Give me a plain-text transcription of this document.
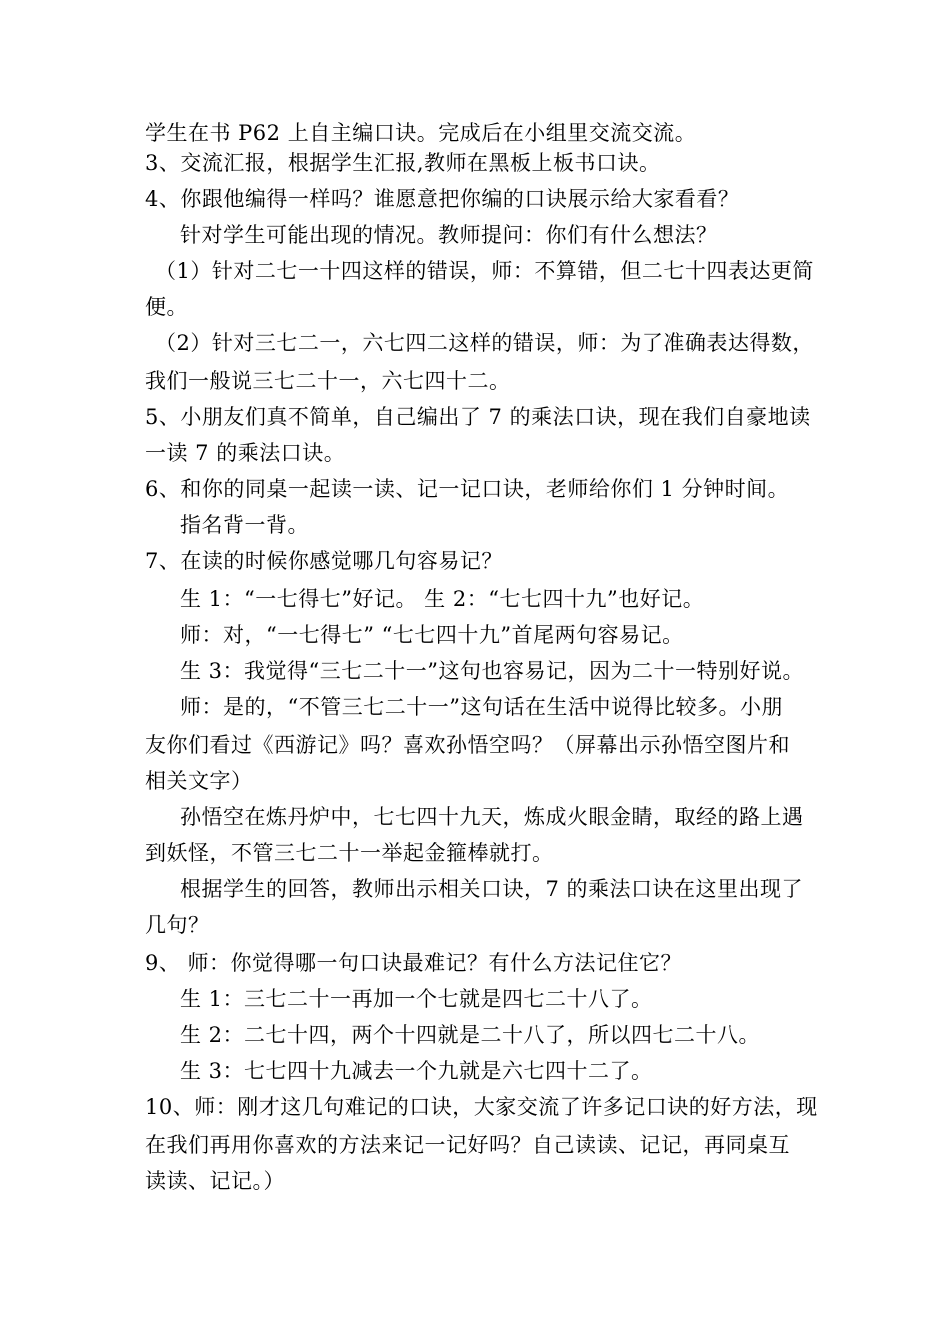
学生在书 P62 上自主编口诀。完成后在小组里交流交流。
3、交流汇报，根据学生汇报,教师在黑板上板书口诀。
4、你跟他编得一样吗？谁愿意把你编的口诀展示给大家看看？
针对学生可能出现的情况。教师提问：你们有什么想法？
（1）针对二七一十四这样的错误，师：不算错，但二七十四表达更简
便。
（2）针对三七二一，六七四二这样的错误，师：为了准确表达得数，
我们一般说三七二十一，六七四十二。
5、小朋友们真不简单，自己编出了 7 的乘法口诀，现在我们自豪地读
一读 7 的乘法口诀。
6、和你的同桌一起读一读、记一记口诀，老师给你们 1 分钟时间。
指名背一背。
7、在读的时候你感觉哪几句容易记？
生 1：“一七得七”好记。 生 2：“七七四十九”也好记。
师：对，“一七得七” “七七四十九”首尾两句容易记。
生 3：我觉得“三七二十一”这句也容易记，因为二十一特别好说。
师：是的，“不管三七二十一”这句话在生活中说得比较多。小朋
友你们看过《西游记》吗？喜欢孙悟空吗？（屏幕出示孙悟空图片和
相关文字）
孙悟空在炼丹炉中，七七四十九天，炼成火眼金睛，取经的路上遇
到妖怪，不管三七二十一举起金箍棒就打。
根据学生的回答，教师出示相关口诀，7 的乘法口诀在这里出现了
几句？
9、 师：你觉得哪一句口诀最难记？有什么方法记住它？
生 1：三七二十一再加一个七就是四七二十八了。
生 2：二七十四，两个十四就是二十八了，所以四七二十八。
生 3：七七四十九减去一个九就是六七四十二了。
10、师：刚才这几句难记的口诀，大家交流了许多记口诀的好方法，现
在我们再用你喜欢的方法来记一记好吗？自己读读、记记，再同桌互
读读、记记。）
